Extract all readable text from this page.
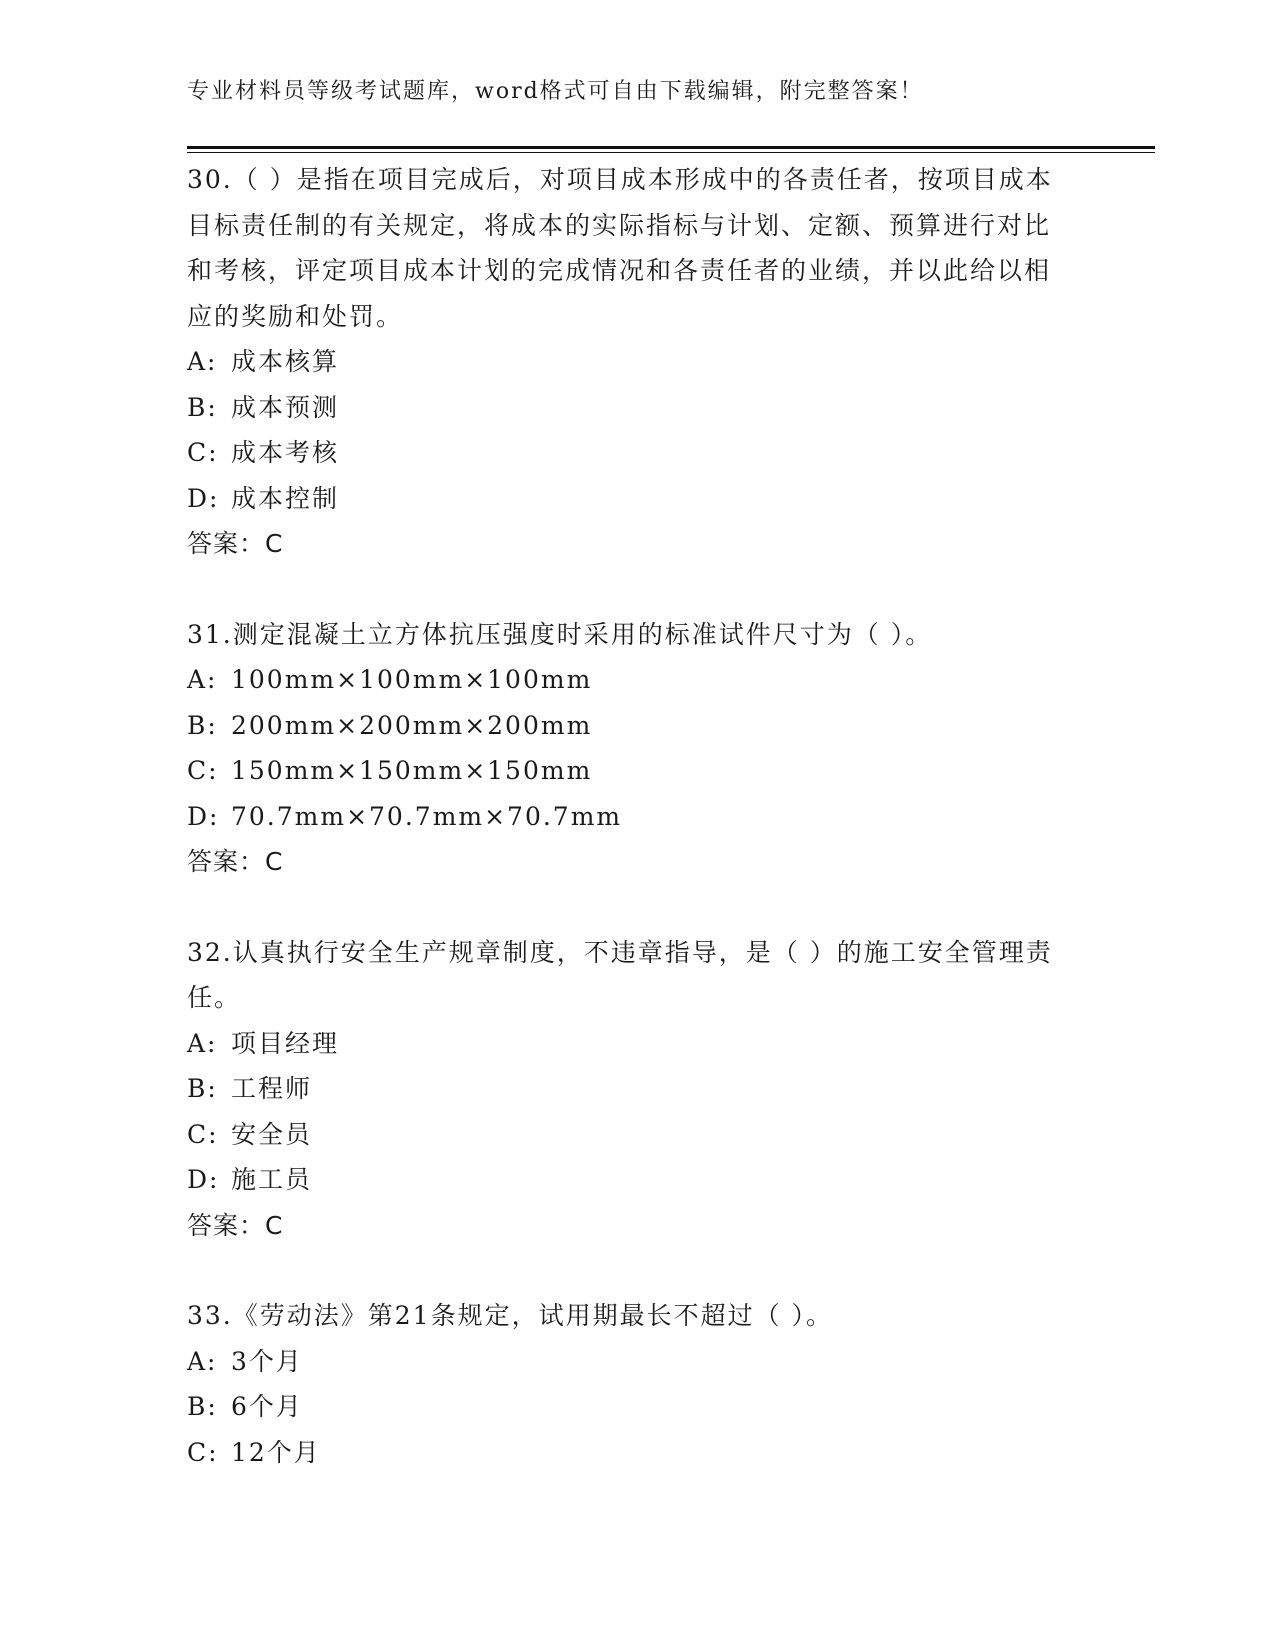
专业材料员等级考试题库，word格式可自由下载编辑，附完整答案！

30.（ ）是指在项目完成后，对项目成本形成中的各责任者，按项目成本目标责任制的有关规定，将成本的实际指标与计划、定额、预算进行对比和考核，评定项目成本计划的完成情况和各责任者的业绩，并以此给以相应的奖励和处罚。

A: 成本核算
B: 成本预测
C: 成本考核
D: 成本控制
答案：C

31.测定混凝土立方体抗压强度时采用的标准试件尺寸为（ ）。

A: 100mm×100mm×100mm
B: 200mm×200mm×200mm
C: 150mm×150mm×150mm
D: 70.7mm×70.7mm×70.7mm
答案：C

32.认真执行安全生产规章制度，不违章指导，是（ ）的施工安全管理责任。

A: 项目经理
B: 工程师
C: 安全员
D: 施工员
答案：C

33.《劳动法》第21条规定，试用期最长不超过（ ）。

A: 3个月
B: 6个月
C: 12个月
